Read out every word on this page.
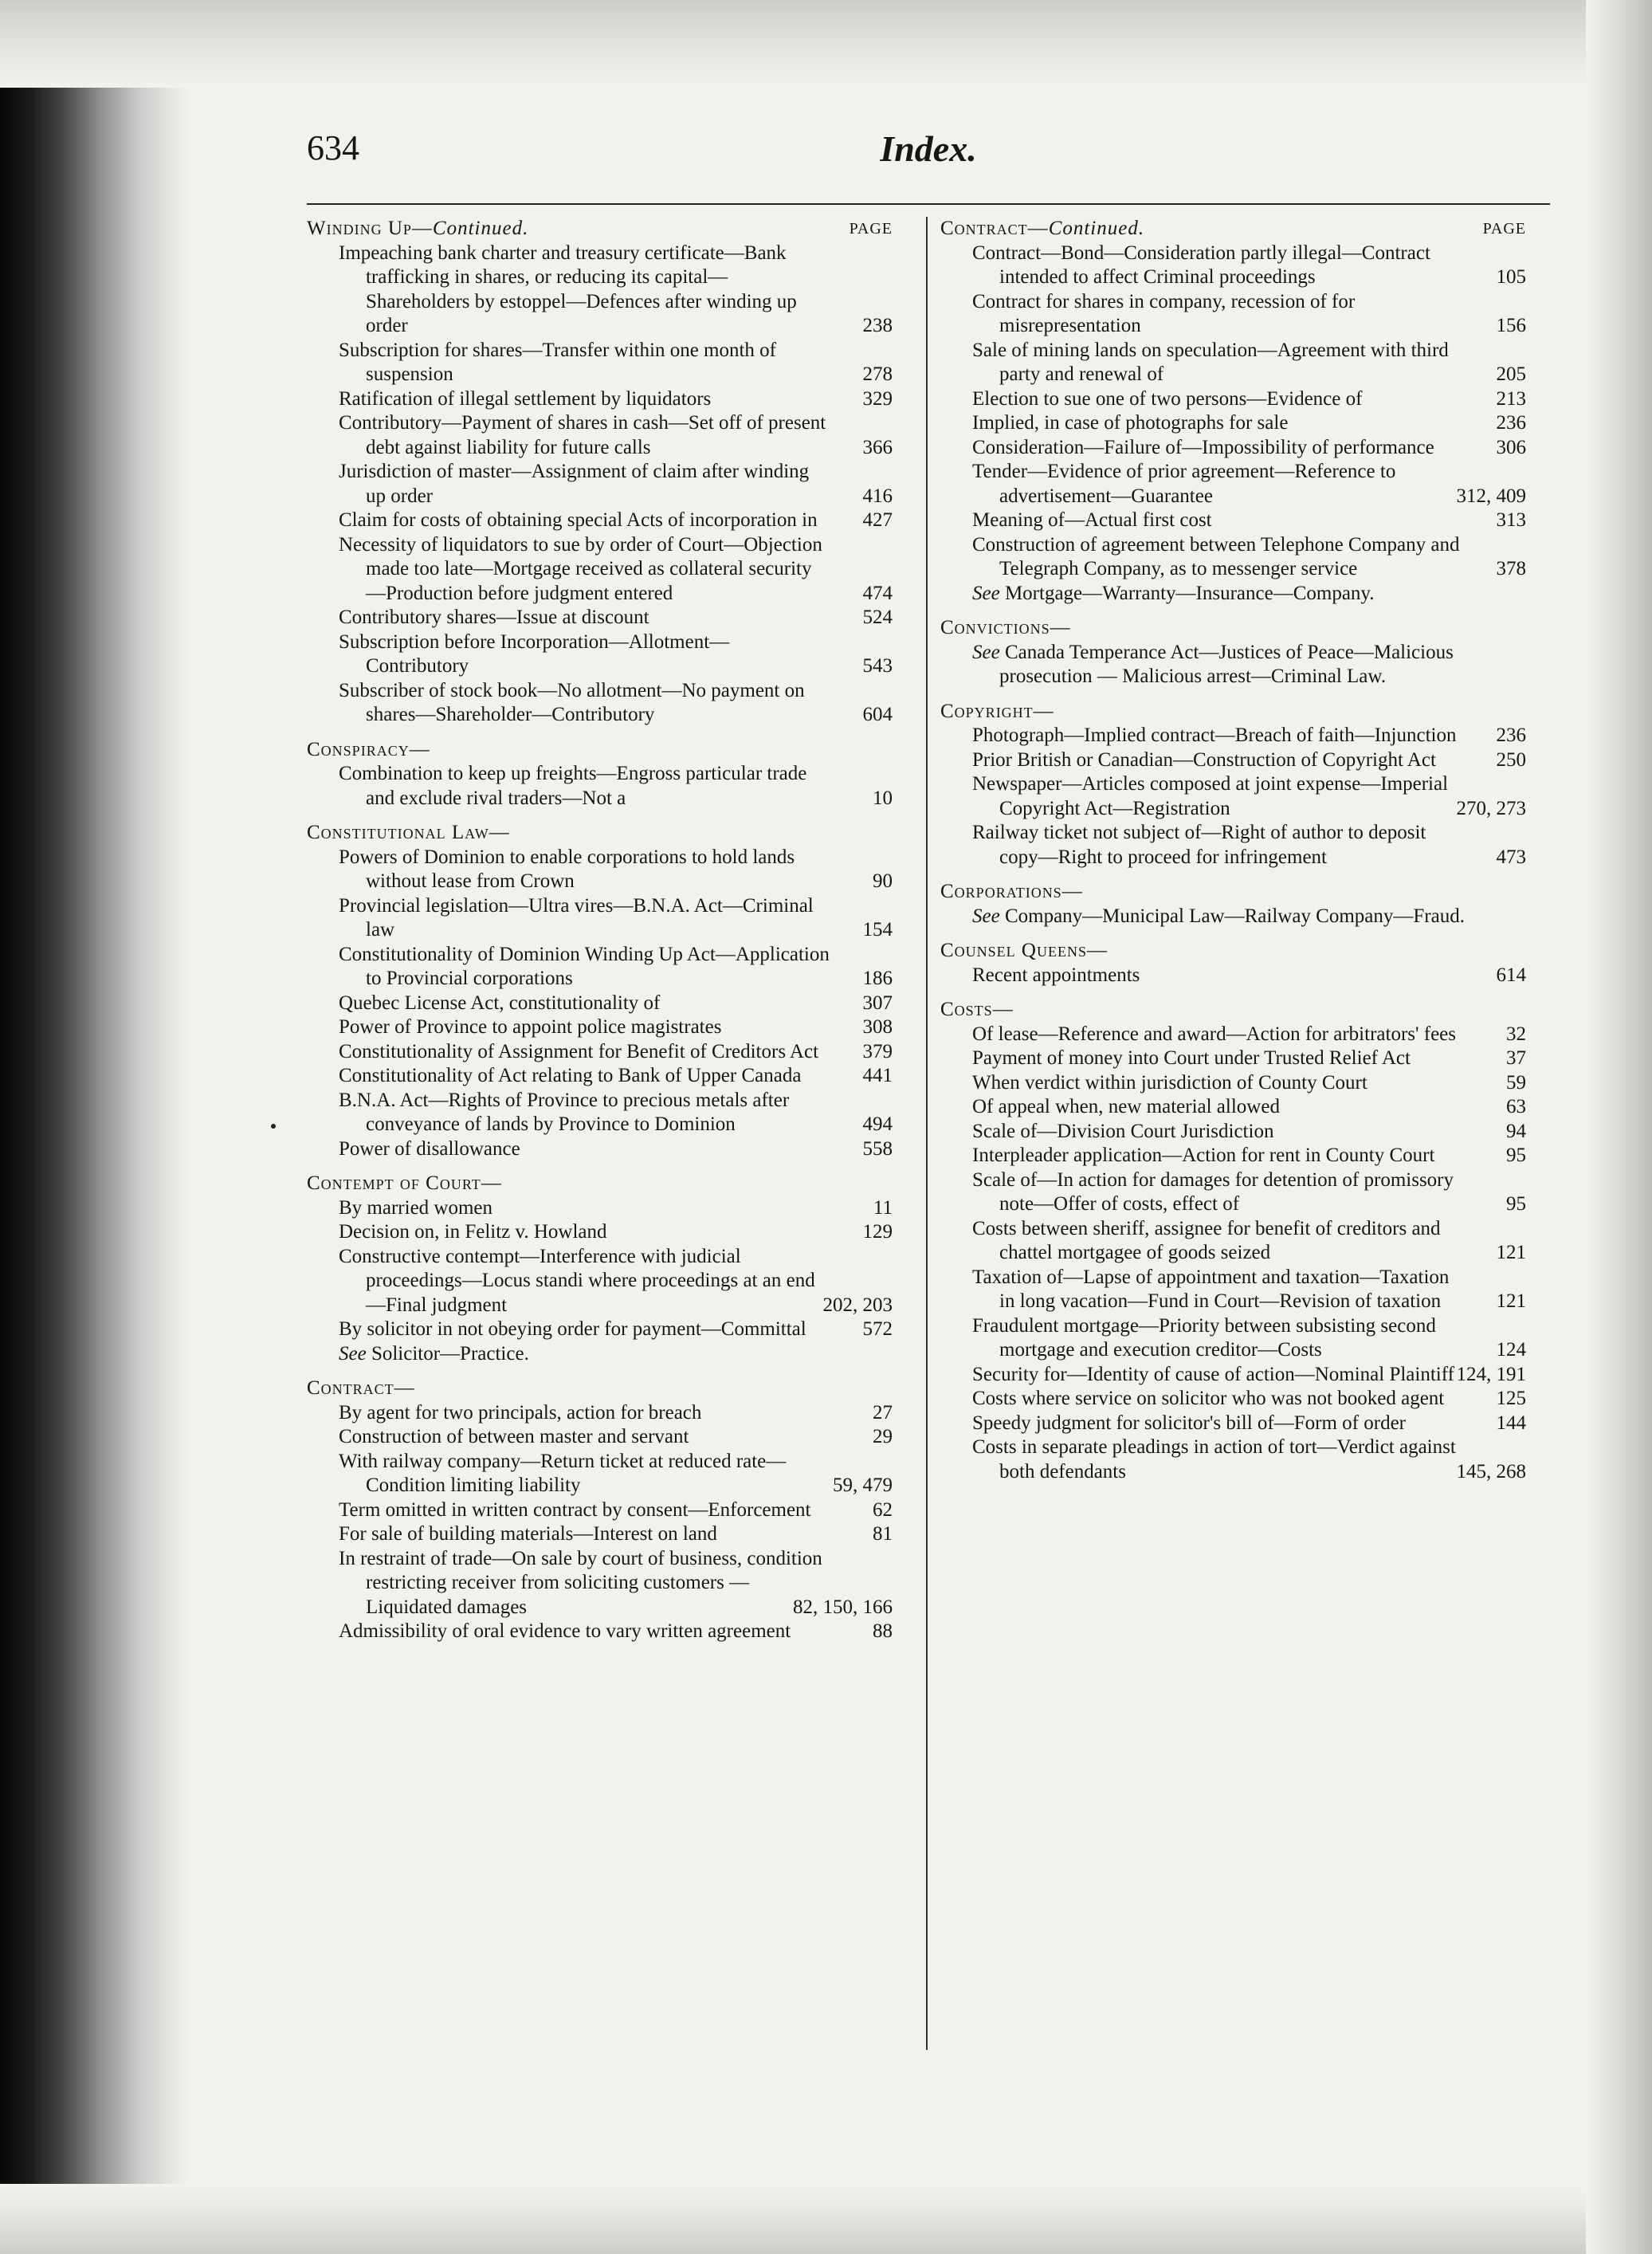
634	Index.
Winding Up—Continued.	PAGE
Impeaching bank charter and treasury certificate—Bank trafficking in shares, or reducing its capital—Shareholders by estoppel—Defences after winding up order	238
Subscription for shares—Transfer within one month of suspension	278
Ratification of illegal settlement by liquidators	329
Contributory—Payment of shares in cash—Set off of present debt against liability for future calls	366
Jurisdiction of master—Assignment of claim after winding up order	416
Claim for costs of obtaining special Acts of incorporation in 427
Necessity of liquidators to sue by order of Court—Objection made too late—Mortgage received as collateral security—Production before judgment entered	474
Contributory shares—Issue at discount	524
Subscription before Incorporation—Allotment—Contributory	543
Subscriber of stock book—No allotment—No payment on shares—Shareholder—Contributory	604
Conspiracy—
Combination to keep up freights—Engross particular trade and exclude rival traders—Not a	10
Constitutional Law—
Powers of Dominion to enable corporations to hold lands without lease from Crown	90
Provincial legislation—Ultra vires—B.N.A. Act—Criminal law	154
Constitutionality of Dominion Winding Up Act—Application to Provincial corporations	186
Quebec License Act, constitutionality of	307
Power of Province to appoint police magistrates	308
Constitutionality of Assignment for Benefit of Creditors Act 379
Constitutionality of Act relating to Bank of Upper Canada	441
B.N.A. Act—Rights of Province to precious metals after conveyance of lands by Province to Dominion	494
Power of disallowance	558
Contempt of Court—
By married women	11
Decision on, in Felitz v. Howland	129
Constructive contempt—Interference with judicial proceedings—Locus standi where proceedings at an end—Final judgment	202, 203
By solicitor in not obeying order for payment—Committal	572
See Solicitor—Practice.
Contract—
By agent for two principals, action for breach	27
Construction of between master and servant	29
With railway company—Return ticket at reduced rate—Condition limiting liability	59, 479
Term omitted in written contract by consent—Enforcement	62
For sale of building materials—Interest on land	81
In restraint of trade—On sale by court of business, condition restricting receiver from soliciting customers — Liquidated damages	82, 150, 166
Admissibility of oral evidence to vary written agreement	88
Contract—Continued.	PAGE
Contract—Bond—Consideration partly illegal—Contract intended to affect Criminal proceedings	105
Contract for shares in company, recession of for misrepresentation	156
Sale of mining lands on speculation—Agreement with third party and renewal of	205
Election to sue one of two persons—Evidence of	213
Implied, in case of photographs for sale	236
Consideration—Failure of—Impossibility of performance	306
Tender—Evidence of prior agreement—Reference to advertisement—Guarantee	312, 409
Meaning of—Actual first cost	313
Construction of agreement between Telephone Company and Telegraph Company, as to messenger service	378
See Mortgage—Warranty—Insurance—Company.
Convictions—
See Canada Temperance Act—Justices of Peace—Malicious prosecution — Malicious arrest—Criminal Law.
Copyright—
Photograph—Implied contract—Breach of faith—Injunction 236
Prior British or Canadian—Construction of Copyright Act	250
Newspaper—Articles composed at joint expense—Imperial Copyright Act—Registration	270, 273
Railway ticket not subject of—Right of author to deposit copy—Right to proceed for infringement	473
Corporations—
See Company—Municipal Law—Railway Company—Fraud.
Counsel Queens—
Recent appointments	614
Costs—
Of lease—Reference and award—Action for arbitrators' fees	32
Payment of money into Court under Trusted Relief Act	37
When verdict within jurisdiction of County Court	59
Of appeal when, new material allowed	63
Scale of—Division Court Jurisdiction	94
Interpleader application—Action for rent in County Court	95
Scale of—In action for damages for detention of promissory note—Offer of costs, effect of	95
Costs between sheriff, assignee for benefit of creditors and chattel mortgagee of goods seized	121
Taxation of—Lapse of appointment and taxation—Taxation in long vacation—Fund in Court—Revision of taxation	121
Fraudulent mortgage—Priority between subsisting second mortgage and execution creditor—Costs	124
Security for—Identity of cause of action—Nominal Plaintiff 124, 191
Costs where service on solicitor who was not booked agent	125
Speedy judgment for solicitor's bill of—Form of order	144
Costs in separate pleadings in action of tort—Verdict against both defendants	145, 268
